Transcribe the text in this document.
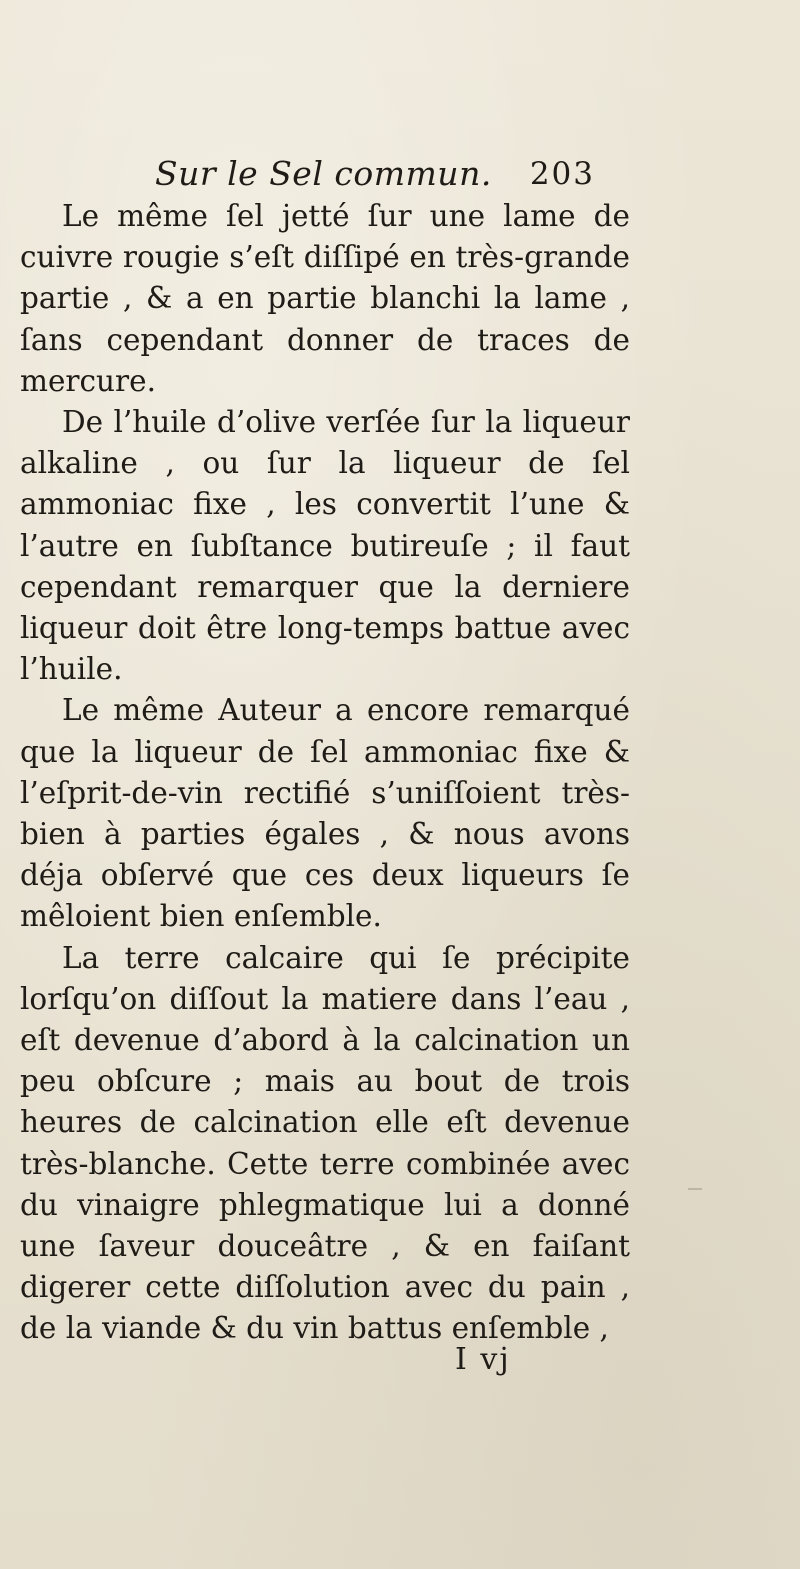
Sur le Sel commun. 203

Le même ſel jetté ſur une lame de cuivre rougie s’eſt diſſipé en très-grande partie , & a en partie blanchi la lame , ſans cependant donner de traces de mercure.

De l’huile d’olive verſée ſur la liqueur alkaline , ou ſur la liqueur de ſel ammoniac fixe , les convertit l’une & l’autre en ſubſtance butireuſe ; il faut cependant remarquer que la derniere liqueur doit être long-temps battue avec l’huile.

Le même Auteur a encore remarqué que la liqueur de ſel ammoniac fixe & l’eſprit-de-vin rectifié s’uniſſoient très-bien à parties égales , & nous avons déja obſervé que ces deux liqueurs ſe mêloient bien enſemble.

La terre calcaire qui ſe précipite lorſqu’on diſſout la matiere dans l’eau , eſt devenue d’abord à la calcination un peu obſcure ; mais au bout de trois heures de calcination elle eſt devenue très-blanche. Cette terre combinée avec du vinaigre phlegmatique lui a donné une ſaveur douceâtre , & en faiſant digerer cette diſſolution avec du pain , de la viande & du vin battus enſemble ,

I vj
